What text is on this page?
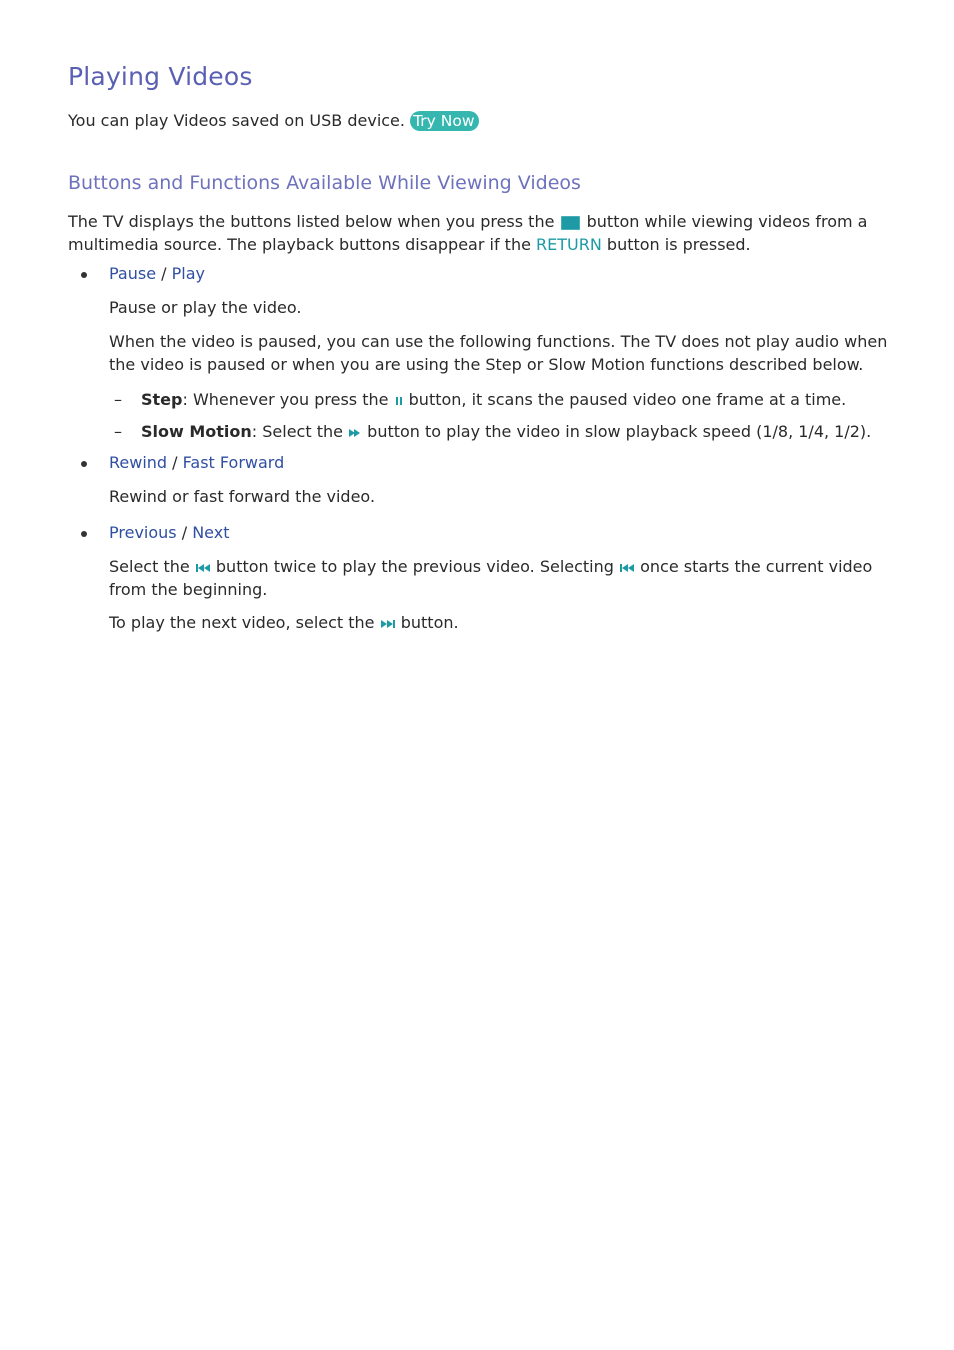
Playing Videos

You can play Videos saved on USB device. Try Now

Buttons and Functions Available While Viewing Videos

The TV displays the buttons listed below when you press the button while viewing videos from a
multimedia source. The playback buttons disappear if the RETURN button is pressed.

Pause / Play

Pause or play the video.

When the video is paused, you can use the following functions. The TV does not play audio when the video is paused or when you are using the Step or Slow Motion functions described below.

– Step: Whenever you press the button, it scans the paused video one frame at a time.
– Slow Motion: Select the button to play the video in slow playback speed (1/8, 1/4, 1/2).
Rewind / Fast Forward

Rewind or fast forward the video.

Previous / Next

Select the button twice to play the previous video. Selecting once starts the current video
from the beginning.

To play the next video, select the button.
